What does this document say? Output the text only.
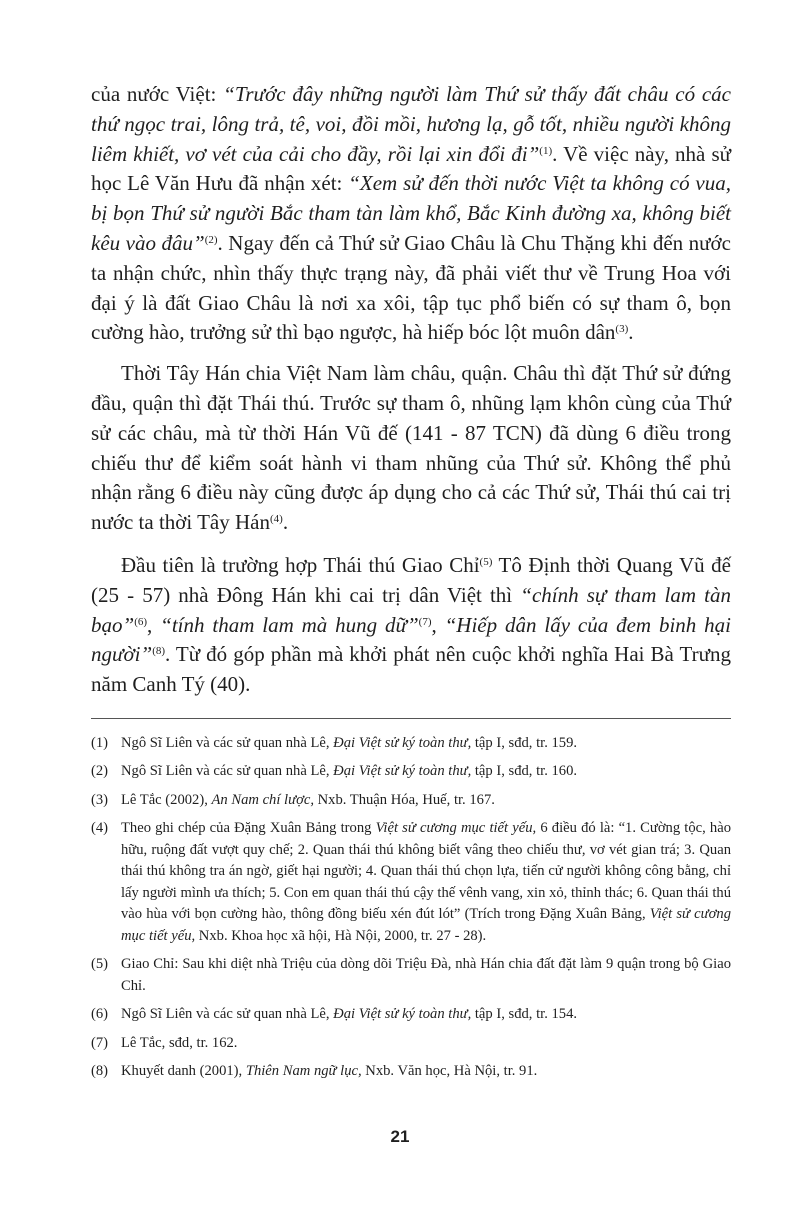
của nước Việt: “Trước đây những người làm Thứ sử thấy đất châu có các thứ ngọc trai, lông trả, tê, voi, đồi mồi, hương lạ, gỗ tốt, nhiều người không liêm khiết, vơ vét của cải cho đầy, rồi lại xin đổi đi”$^{(1)}$. Về việc này, nhà sử học Lê Văn Hưu đã nhận xét: “Xem sử đến thời nước Việt ta không có vua, bị bọn Thứ sử người Bắc tham tàn làm khổ, Bắc Kinh đường xa, không biết kêu vào đâu”$^{(2)}$. Ngay đến cả Thứ sử Giao Châu là Chu Thặng khi đến nước ta nhận chức, nhìn thấy thực trạng này, đã phải viết thư về Trung Hoa với đại ý là đất Giao Châu là nơi xa xôi, tập tục phổ biến có sự tham ô, bọn cường hào, trưởng sử thì bạo ngược, hà hiếp bóc lột muôn dân$^{(3)}$.

Thời Tây Hán chia Việt Nam làm châu, quận. Châu thì đặt Thứ sử đứng đầu, quận thì đặt Thái thú. Trước sự tham ô, nhũng lạm khôn cùng của Thứ sử các châu, mà từ thời Hán Vũ đế (141 - 87 TCN) đã dùng 6 điều trong chiếu thư để kiểm soát hành vi tham nhũng của Thứ sử. Không thể phủ nhận rằng 6 điều này cũng được áp dụng cho cả các Thứ sử, Thái thú cai trị nước ta thời Tây Hán$^{(4)}$.

Đầu tiên là trường hợp Thái thú Giao Chỉ$^{(5)}$ Tô Định thời Quang Vũ đế (25 - 57) nhà Đông Hán khi cai trị dân Việt thì “chính sự tham lam tàn bạo”$^{(6)}$, “tính tham lam mà hung dữ”$^{(7)}$, “Hiếp dân lấy của đem binh hại người”$^{(8)}$. Từ đó góp phần mà khởi phát nên cuộc khởi nghĩa Hai Bà Trưng năm Canh Tý (40).

(1) Ngô Sĩ Liên và các sử quan nhà Lê, Đại Việt sử ký toàn thư, tập I, sđd, tr. 159.
(2) Ngô Sĩ Liên và các sử quan nhà Lê, Đại Việt sử ký toàn thư, tập I, sđd, tr. 160.
(3) Lê Tắc (2002), An Nam chí lược, Nxb. Thuận Hóa, Huế, tr. 167.
(4) Theo ghi chép của Đặng Xuân Bảng trong Việt sử cương mục tiết yếu, 6 điều đó là: “1. Cường tộc, hào hữu, ruộng đất vượt quy chế; 2. Quan thái thú không biết vâng theo chiếu thư, vơ vét gian trá; 3. Quan thái thú không tra án ngờ, giết hại người; 4. Quan thái thú chọn lựa, tiến cử người không công bằng, chỉ lấy người mình ưa thích; 5. Con em quan thái thú cậy thế vênh vang, xin xỏ, thỉnh thác; 6. Quan thái thú vào hùa với bọn cường hào, thông đồng biếu xén đút lót” (Trích trong Đặng Xuân Bảng, Việt sử cương mục tiết yếu, Nxb. Khoa học xã hội, Hà Nội, 2000, tr. 27 - 28).
(5) Giao Chỉ: Sau khi diệt nhà Triệu của dòng dõi Triệu Đà, nhà Hán chia đất đặt làm 9 quận trong bộ Giao Chỉ.
(6) Ngô Sĩ Liên và các sử quan nhà Lê, Đại Việt sử ký toàn thư, tập I, sđd, tr. 154.
(7) Lê Tắc, sđd, tr. 162.
(8) Khuyết danh (2001), Thiên Nam ngữ lục, Nxb. Văn học, Hà Nội, tr. 91.
21
